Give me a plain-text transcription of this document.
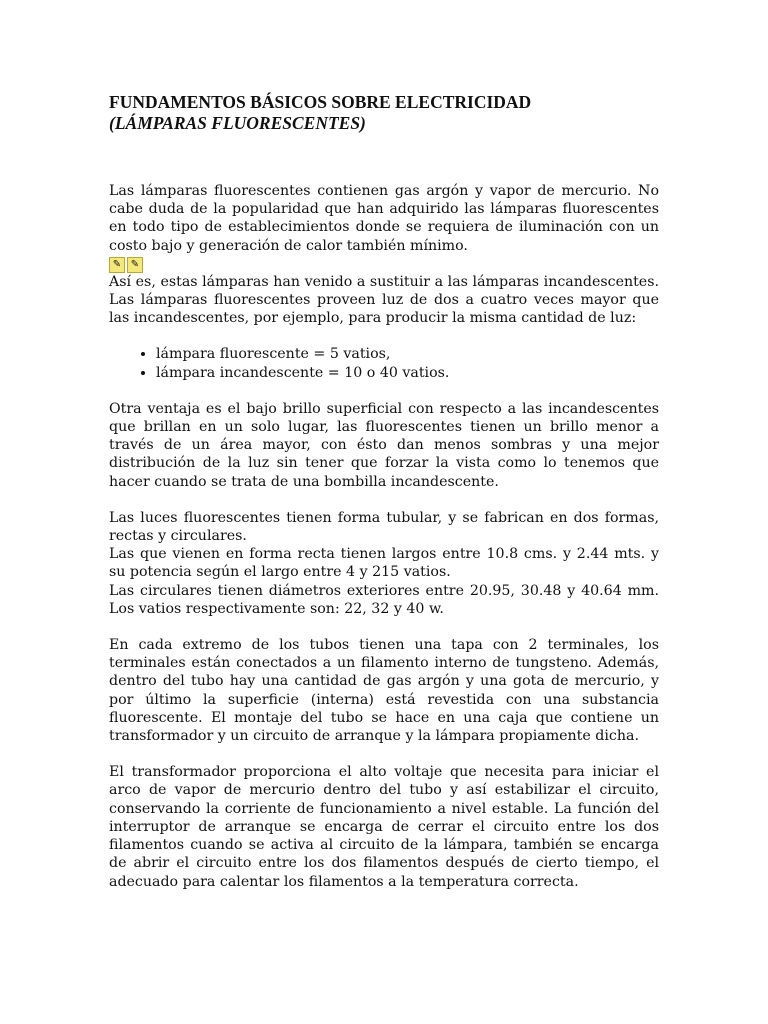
FUNDAMENTOS BÁSICOS SOBRE ELECTRICIDAD
(LÁMPARAS FLUORESCENTES)

Las lámparas fluorescentes contienen gas argón y vapor de mercurio. No cabe duda de la popularidad que han adquirido las lámparas fluorescentes en todo tipo de establecimientos donde se requiera de iluminación con un costo bajo y generación de calor también mínimo.

✎ ✎

Así es, estas lámparas han venido a sustituir a las lámparas incandescentes. Las lámparas fluorescentes proveen luz de dos a cuatro veces mayor que las incandescentes, por ejemplo, para producir la misma cantidad de luz:

• lámpara fluorescente = 5 vatios,
• lámpara incandescente = 10 o 40 vatios.

Otra ventaja es el bajo brillo superficial con respecto a las incandescentes que brillan en un solo lugar, las fluorescentes tienen un brillo menor a través de un área mayor, con ésto dan menos sombras y una mejor distribución de la luz sin tener que forzar la vista como lo tenemos que hacer cuando se trata de una bombilla incandescente.

Las luces fluorescentes tienen forma tubular, y se fabrican en dos formas, rectas y circulares.

Las que vienen en forma recta tienen largos entre 10.8 cms. y 2.44 mts. y su potencia según el largo entre 4 y 215 vatios.

Las circulares tienen diámetros exteriores entre 20.95, 30.48 y 40.64 mm. Los vatios respectivamente son: 22, 32 y 40 w.

En cada extremo de los tubos tienen una tapa con 2 terminales, los terminales están conectados a un filamento interno de tungsteno. Además, dentro del tubo hay una cantidad de gas argón y una gota de mercurio, y por último la superficie (interna) está revestida con una substancia fluorescente. El montaje del tubo se hace en una caja que contiene un transformador y un circuito de arranque y la lámpara propiamente dicha.

El transformador proporciona el alto voltaje que necesita para iniciar el arco de vapor de mercurio dentro del tubo y así estabilizar el circuito, conservando la corriente de funcionamiento a nivel estable. La función del interruptor de arranque se encarga de cerrar el circuito entre los dos filamentos cuando se activa al circuito de la lámpara, también se encarga de abrir el circuito entre los dos filamentos después de cierto tiempo, el adecuado para calentar los filamentos a la temperatura correcta.
